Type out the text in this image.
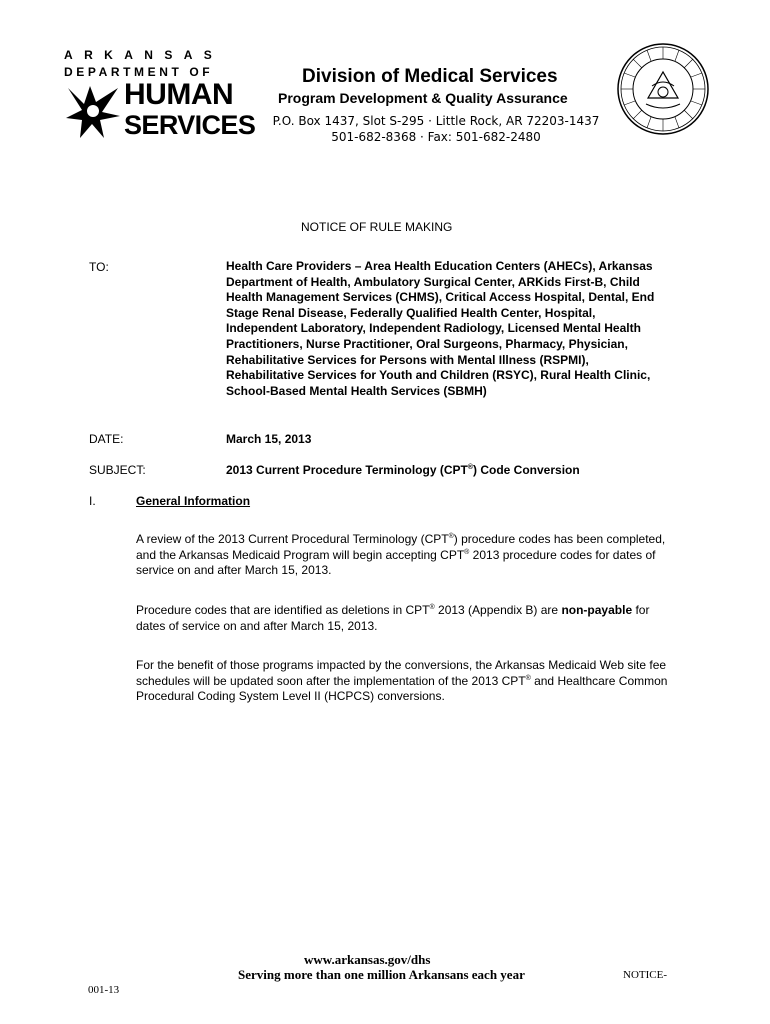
ARKANSAS
DEPARTMENT OF
HUMAN
SERVICES
Division of Medical Services
Program Development & Quality Assurance
P.O. Box 1437, Slot S-295 · Little Rock, AR 72203-1437
501-682-8368 · Fax: 501-682-2480
NOTICE OF RULE MAKING
TO:	Health Care Providers – Area Health Education Centers (AHECs), Arkansas Department of Health, Ambulatory Surgical Center, ARKids First-B, Child Health Management Services (CHMS), Critical Access Hospital, Dental, End Stage Renal Disease, Federally Qualified Health Center, Hospital, Independent Laboratory, Independent Radiology, Licensed Mental Health Practitioners, Nurse Practitioner, Oral Surgeons, Pharmacy, Physician, Rehabilitative Services for Persons with Mental Illness (RSPMI), Rehabilitative Services for Youth and Children (RSYC), Rural Health Clinic, School-Based Mental Health Services (SBMH)
DATE:	March 15, 2013
SUBJECT:	2013 Current Procedure Terminology (CPT®) Code Conversion
I.	General Information
A review of the 2013 Current Procedural Terminology (CPT®) procedure codes has been completed, and the Arkansas Medicaid Program will begin accepting CPT® 2013 procedure codes for dates of service on and after March 15, 2013.
Procedure codes that are identified as deletions in CPT® 2013 (Appendix B) are non-payable for dates of service on and after March 15, 2013.
For the benefit of those programs impacted by the conversions, the Arkansas Medicaid Web site fee schedules will be updated soon after the implementation of the 2013 CPT® and Healthcare Common Procedural Coding System Level II (HCPCS) conversions.
www.arkansas.gov/dhs
Serving more than one million Arkansans each year	NOTICE-
001-13
